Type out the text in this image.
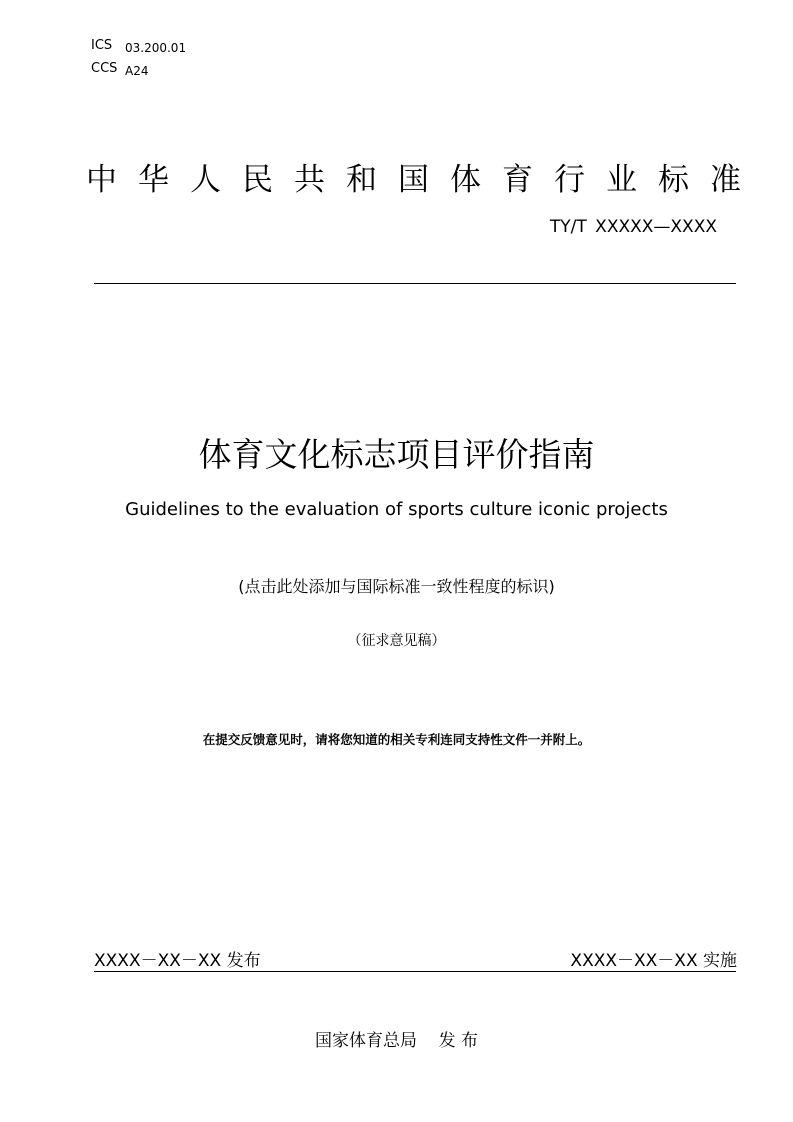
ICS 03.200.01
CCS A24
中华人民共和国体育行业标准
TY/T XXXXX—XXXX
体育文化标志项目评价指南
Guidelines to the evaluation of sports culture iconic projects
(点击此处添加与国际标准一致性程度的标识)
（征求意见稿）
在提交反馈意见时，请将您知道的相关专利连同支持性文件一并附上。
XXXX－XX－XX 发布	XXXX－XX－XX 实施
国家体育总局    发 布
